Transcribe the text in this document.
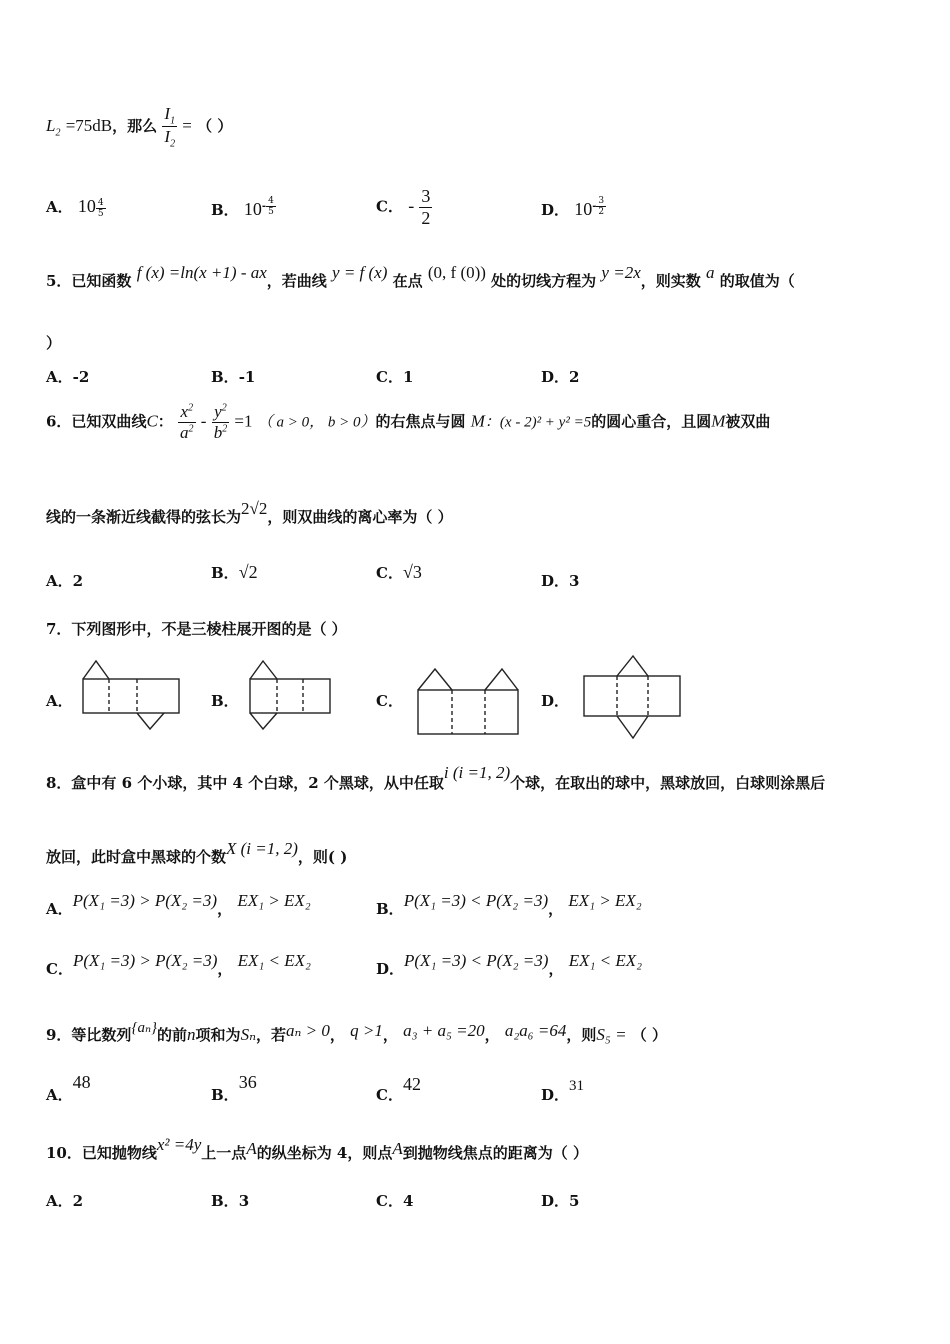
$L_2 =75dB$，那么 $\frac{I_1}{I_2}$ = （ ）
A． $10 \frac{4}{5}$	B． $10^{- \frac{4}{5}}$	C． - $\frac{3}{2}$	D． $10^{- \frac{3}{2}}$
5．已知函数 f (x) =ln(x +1) - ax，若曲线 y = f (x) 在点 (0, f (0)) 处的切线方程为 y =2x，则实数 a 的取值为（
）
A．-2	B．-1	C．1	D．2
6．已知双曲线C： $\frac{x^2}{a^2} - \frac{y^2}{b^2} =1$ （ a > 0， b > 0）的右焦点与圆 M：(x - 2)² + y² =5的圆心重合，且圆M被双曲
线的一条渐近线截得的弦长为2√2，则双曲线的离心率为（ ）
A．2	B．√2	C．√3	D．3
7．下列图形中，不是三棱柱展开图的是（ ）
A．	B．	C．	D．
8．盒中有 6 个小球，其中 4 个白球，2 个黑球，从中任取i (i =1, 2)个球，在取出的球中，黑球放回，白球则涂黑后
放回，此时盒中黑球的个数X (i =1, 2)，则( )
A．P(X₁ =3) > P(X₂ =3)， EX₁ > EX₂	B．P(X₁ =3) < P(X₂ =3)， EX₁ > EX₂
C．P(X₁ =3) > P(X₂ =3)， EX₁ < EX₂	D．P(X₁ =3) < P(X₂ =3)， EX₁ < EX₂
9．等比数列{aₙ}的前n项和为Sₙ，若aₙ > 0， q >1， a₃ + a₅ =20， a₂a₆ =64，则S₅ = （ ）
A．48
B．36
C．42
D．31
10．已知抛物线x² =4y上一点A的纵坐标为 4，则点A到抛物线焦点的距离为（ ）
A．2	B．3	C．4	D．5
